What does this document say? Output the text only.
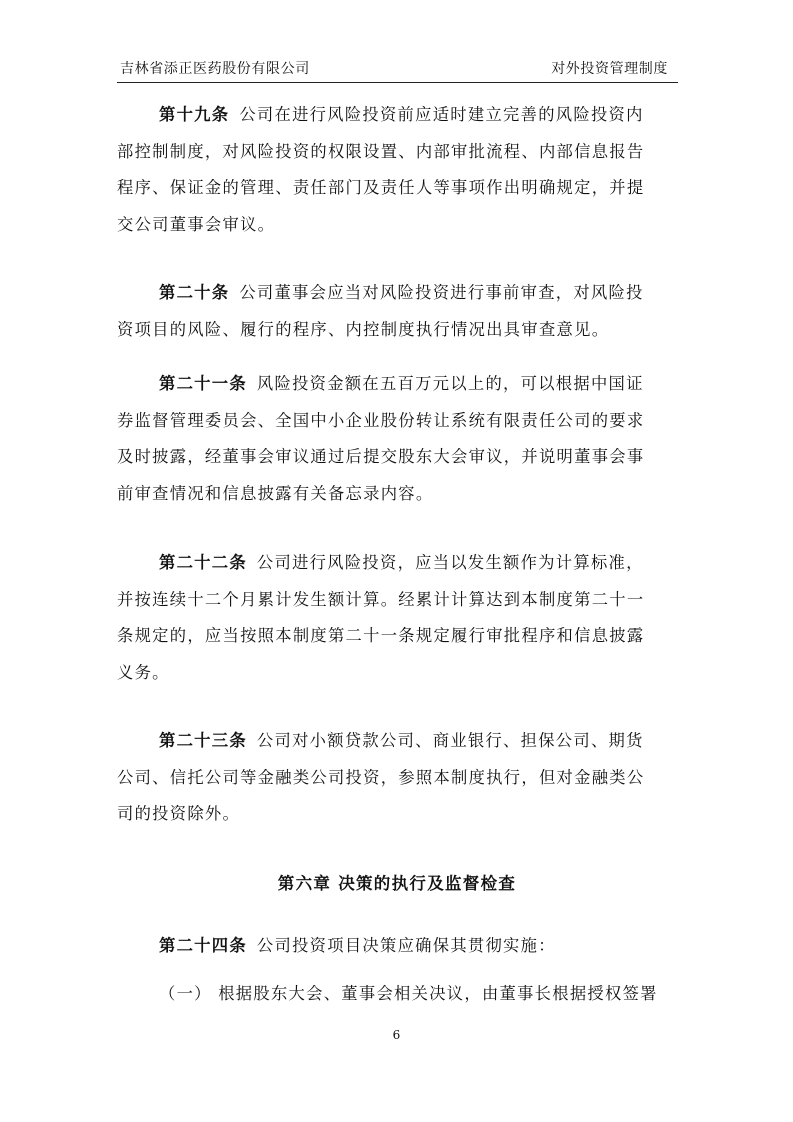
吉林省添正医药股份有限公司	对外投资管理制度
第十九条 公司在进行风险投资前应适时建立完善的风险投资内
部控制制度，对风险投资的权限设置、内部审批流程、内部信息报告
程序、保证金的管理、责任部门及责任人等事项作出明确规定，并提
交公司董事会审议。
第二十条 公司董事会应当对风险投资进行事前审查，对风险投
资项目的风险、履行的程序、内控制度执行情况出具审查意见。
第二十一条 风险投资金额在五百万元以上的，可以根据中国证
券监督管理委员会、全国中小企业股份转让系统有限责任公司的要求
及时披露，经董事会审议通过后提交股东大会审议，并说明董事会事
前审查情况和信息披露有关备忘录内容。
第二十二条 公司进行风险投资，应当以发生额作为计算标准，
并按连续十二个月累计发生额计算。经累计计算达到本制度第二十一
条规定的，应当按照本制度第二十一条规定履行审批程序和信息披露
义务。
第二十三条 公司对小额贷款公司、商业银行、担保公司、期货
公司、信托公司等金融类公司投资，参照本制度执行，但对金融类公
司的投资除外。
第六章 决策的执行及监督检查
第二十四条 公司投资项目决策应确保其贯彻实施：
（一） 根据股东大会、董事会相关决议，由董事长根据授权签署
6
